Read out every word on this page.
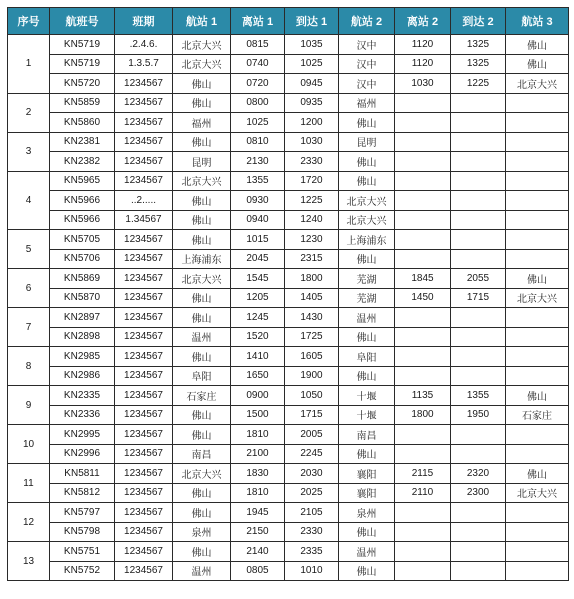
序号	航班号	班期	航站 1	离站 1	到达 1	航站 2	离站 2	到达 2	航站 3
1	KN5719	.2.4.6.	北京大兴	0815	1035	汉中	1120	1325	佛山
	KN5719	1.3.5.7	北京大兴	0740	1025	汉中	1120	1325	佛山
	KN5720	1234567	佛山	0720	0945	汉中	1030	1225	北京大兴
2	KN5859	1234567	佛山	0800	0935	福州			
	KN5860	1234567	福州	1025	1200	佛山			
3	KN2381	1234567	佛山	0810	1030	昆明			
	KN2382	1234567	昆明	2130	2330	佛山			
4	KN5965	1234567	北京大兴	1355	1720	佛山			
	KN5966	..2.....	佛山	0930	1225	北京大兴			
	KN5966	1.34567	佛山	0940	1240	北京大兴			
5	KN5705	1234567	佛山	1015	1230	上海浦东			
	KN5706	1234567	上海浦东	2045	2315	佛山			
6	KN5869	1234567	北京大兴	1545	1800	芜湖	1845	2055	佛山
	KN5870	1234567	佛山	1205	1405	芜湖	1450	1715	北京大兴
7	KN2897	1234567	佛山	1245	1430	温州			
	KN2898	1234567	温州	1520	1725	佛山			
8	KN2985	1234567	佛山	1410	1605	阜阳			
	KN2986	1234567	阜阳	1650	1900	佛山			
9	KN2335	1234567	石家庄	0900	1050	十堰	1135	1355	佛山
	KN2336	1234567	佛山	1500	1715	十堰	1800	1950	石家庄
10	KN2995	1234567	佛山	1810	2005	南昌			
	KN2996	1234567	南昌	2100	2245	佛山			
11	KN5811	1234567	北京大兴	1830	2030	襄阳	2115	2320	佛山
	KN5812	1234567	佛山	1810	2025	襄阳	2110	2300	北京大兴
12	KN5797	1234567	佛山	1945	2105	泉州			
	KN5798	1234567	泉州	2150	2330	佛山			
13	KN5751	1234567	佛山	2140	2335	温州			
	KN5752	1234567	温州	0805	1010	佛山			
